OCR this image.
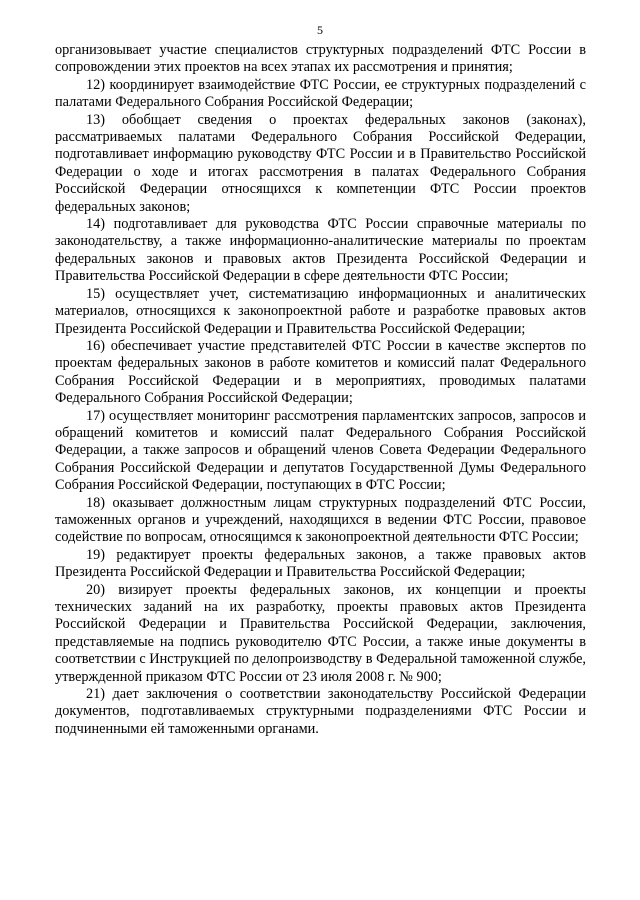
5

организовывает участие специалистов структурных подразделений ФТС России в сопровождении этих проектов на всех этапах их рассмотрения и принятия;

12) координирует взаимодействие ФТС России, ее структурных подразделений с палатами Федерального Собрания Российской Федерации;

13) обобщает сведения о проектах федеральных законов (законах), рассматриваемых палатами Федерального Собрания Российской Федерации, подготавливает информацию руководству ФТС России и в Правительство Российской Федерации о ходе и итогах рассмотрения в палатах Федерального Собрания Российской Федерации относящихся к компетенции ФТС России проектов федеральных законов;

14) подготавливает для руководства ФТС России справочные материалы по законодательству, а также информационно-аналитические материалы по проектам федеральных законов и правовых актов Президента Российской Федерации и Правительства Российской Федерации в сфере деятельности ФТС России;

15) осуществляет учет, систематизацию информационных и аналитических материалов, относящихся к законопроектной работе и разработке правовых актов Президента Российской Федерации и Правительства Российской Федерации;

16) обеспечивает участие представителей ФТС России в качестве экспертов по проектам федеральных законов в работе комитетов и комиссий палат Федерального Собрания Российской Федерации и в мероприятиях, проводимых палатами Федерального Собрания Российской Федерации;

17) осуществляет мониторинг рассмотрения парламентских запросов, запросов и обращений комитетов и комиссий палат Федерального Собрания Российской Федерации, а также запросов и обращений членов Совета Федерации Федерального Собрания Российской Федерации и депутатов Государственной Думы Федерального Собрания Российской Федерации, поступающих в ФТС России;

18) оказывает должностным лицам структурных подразделений ФТС России, таможенных органов и учреждений, находящихся в ведении ФТС России, правовое содействие по вопросам, относящимся к законопроектной деятельности ФТС России;

19) редактирует проекты федеральных законов, а также правовых актов Президента Российской Федерации и Правительства Российской Федерации;

20) визирует проекты федеральных законов, их концепции и проекты технических заданий на их разработку, проекты правовых актов Президента Российской Федерации и Правительства Российской Федерации, заключения, представляемые на подпись руководителю ФТС России, а также иные документы в соответствии с Инструкцией по делопроизводству в Федеральной таможенной службе, утвержденной приказом ФТС России от 23 июля 2008 г. № 900;

21) дает заключения о соответствии законодательству Российской Федерации документов, подготавливаемых структурными подразделениями ФТС России и подчиненными ей таможенными органами.
